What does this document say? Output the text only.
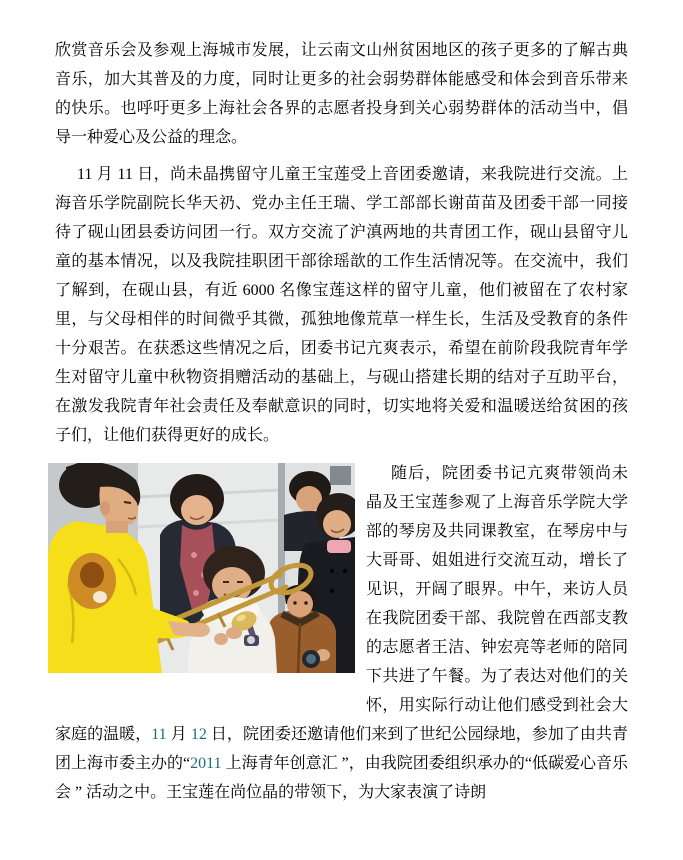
欣赏音乐会及参观上海城市发展，让云南文山州贫困地区的孩子更多的了解古典音乐，加大其普及的力度，同时让更多的社会弱势群体能感受和体会到音乐带来的快乐。也呼吁更多上海社会各界的志愿者投身到关心弱势群体的活动当中，倡导一种爱心及公益的理念。

11 月 11 日，尚未晶携留守儿童王宝莲受上音团委邀请，来我院进行交流。上海音乐学院副院长华天礽、党办主任王瑞、学工部部长谢苗苗及团委干部一同接待了砚山团县委访问团一行。双方交流了沪滇两地的共青团工作，砚山县留守儿童的基本情况，以及我院挂职团干部徐瑶歆的工作生活情况等。在交流中，我们了解到，在砚山县，有近 6000 名像宝莲这样的留守儿童，他们被留在了农村家里，与父母相伴的时间微乎其微，孤独地像荒草一样生长，生活及受教育的条件十分艰苦。在获悉这些情况之后，团委书记亢爽表示，希望在前阶段我院青年学生对留守儿童中秋物资捐赠活动的基础上，与砚山搭建长期的结对子互助平台，在激发我院青年社会责任及奉献意识的同时，切实地将关爱和温暖送给贫困的孩子们，让他们获得更好的成长。

随后，院团委书记亢爽带领尚未晶及王宝莲参观了上海音乐学院大学部的琴房及共同课教室，在琴房中与大哥哥、姐姐进行交流互动，增长了见识，开阔了眼界。中午，来访人员在我院团委干部、我院曾在西部支教的志愿者王洁、钟宏亮等老师的陪同下共进了午餐。为了表达对他们的关怀，用实际行动让他们感受到社会大家庭的温暖，11 月 12 日，院团委还邀请他们来到了世纪公园绿地，参加了由共青团上海市委主办的“2011 上海青年创意汇 ”，由我院团委组织承办的“低碳爱心音乐会 ” 活动之中。王宝莲在尚位晶的带领下，为大家表演了诗朗
